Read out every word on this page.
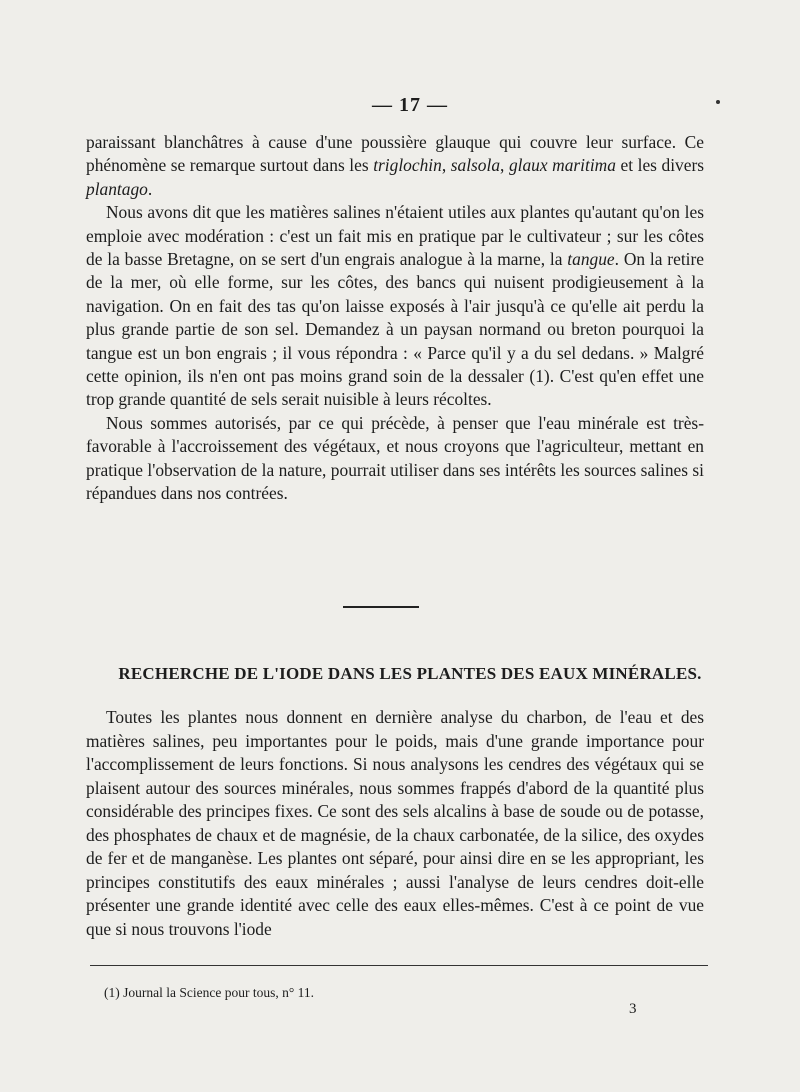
— 17 —

paraissant blanchâtres à cause d'une poussière glauque qui couvre leur surface. Ce phénomène se remarque surtout dans les triglochin, salsola, glaux maritima et les divers plantago.

Nous avons dit que les matières salines n'étaient utiles aux plantes qu'autant qu'on les emploie avec modération : c'est un fait mis en pratique par le cultivateur ; sur les côtes de la basse Bretagne, on se sert d'un engrais analogue à la marne, la tangue. On la retire de la mer, où elle forme, sur les côtes, des bancs qui nuisent prodigieusement à la navigation. On en fait des tas qu'on laisse exposés à l'air jusqu'à ce qu'elle ait perdu la plus grande partie de son sel. Demandez à un paysan normand ou breton pourquoi la tangue est un bon engrais ; il vous répondra : « Parce qu'il y a du sel dedans. » Malgré cette opinion, ils n'en ont pas moins grand soin de la dessaler (1). C'est qu'en effet une trop grande quantité de sels serait nuisible à leurs récoltes.

Nous sommes autorisés, par ce qui précède, à penser que l'eau minérale est très-favorable à l'accroissement des végétaux, et nous croyons que l'agriculteur, mettant en pratique l'observation de la nature, pourrait utiliser dans ses intérêts les sources salines si répandues dans nos contrées.

RECHERCHE DE L'IODE DANS LES PLANTES DES EAUX MINÉRALES.

Toutes les plantes nous donnent en dernière analyse du charbon, de l'eau et des matières salines, peu importantes pour le poids, mais d'une grande importance pour l'accomplissement de leurs fonctions. Si nous analysons les cendres des végétaux qui se plaisent autour des sources minérales, nous sommes frappés d'abord de la quantité plus considérable des principes fixes. Ce sont des sels alcalins à base de soude ou de potasse, des phosphates de chaux et de magnésie, de la chaux carbonatée, de la silice, des oxydes de fer et de manganèse. Les plantes ont séparé, pour ainsi dire en se les appropriant, les principes constitutifs des eaux minérales ; aussi l'analyse de leurs cendres doit-elle présenter une grande identité avec celle des eaux elles-mêmes. C'est à ce point de vue que si nous trouvons l'iode

(1) Journal la Science pour tous, n° 11.
3
